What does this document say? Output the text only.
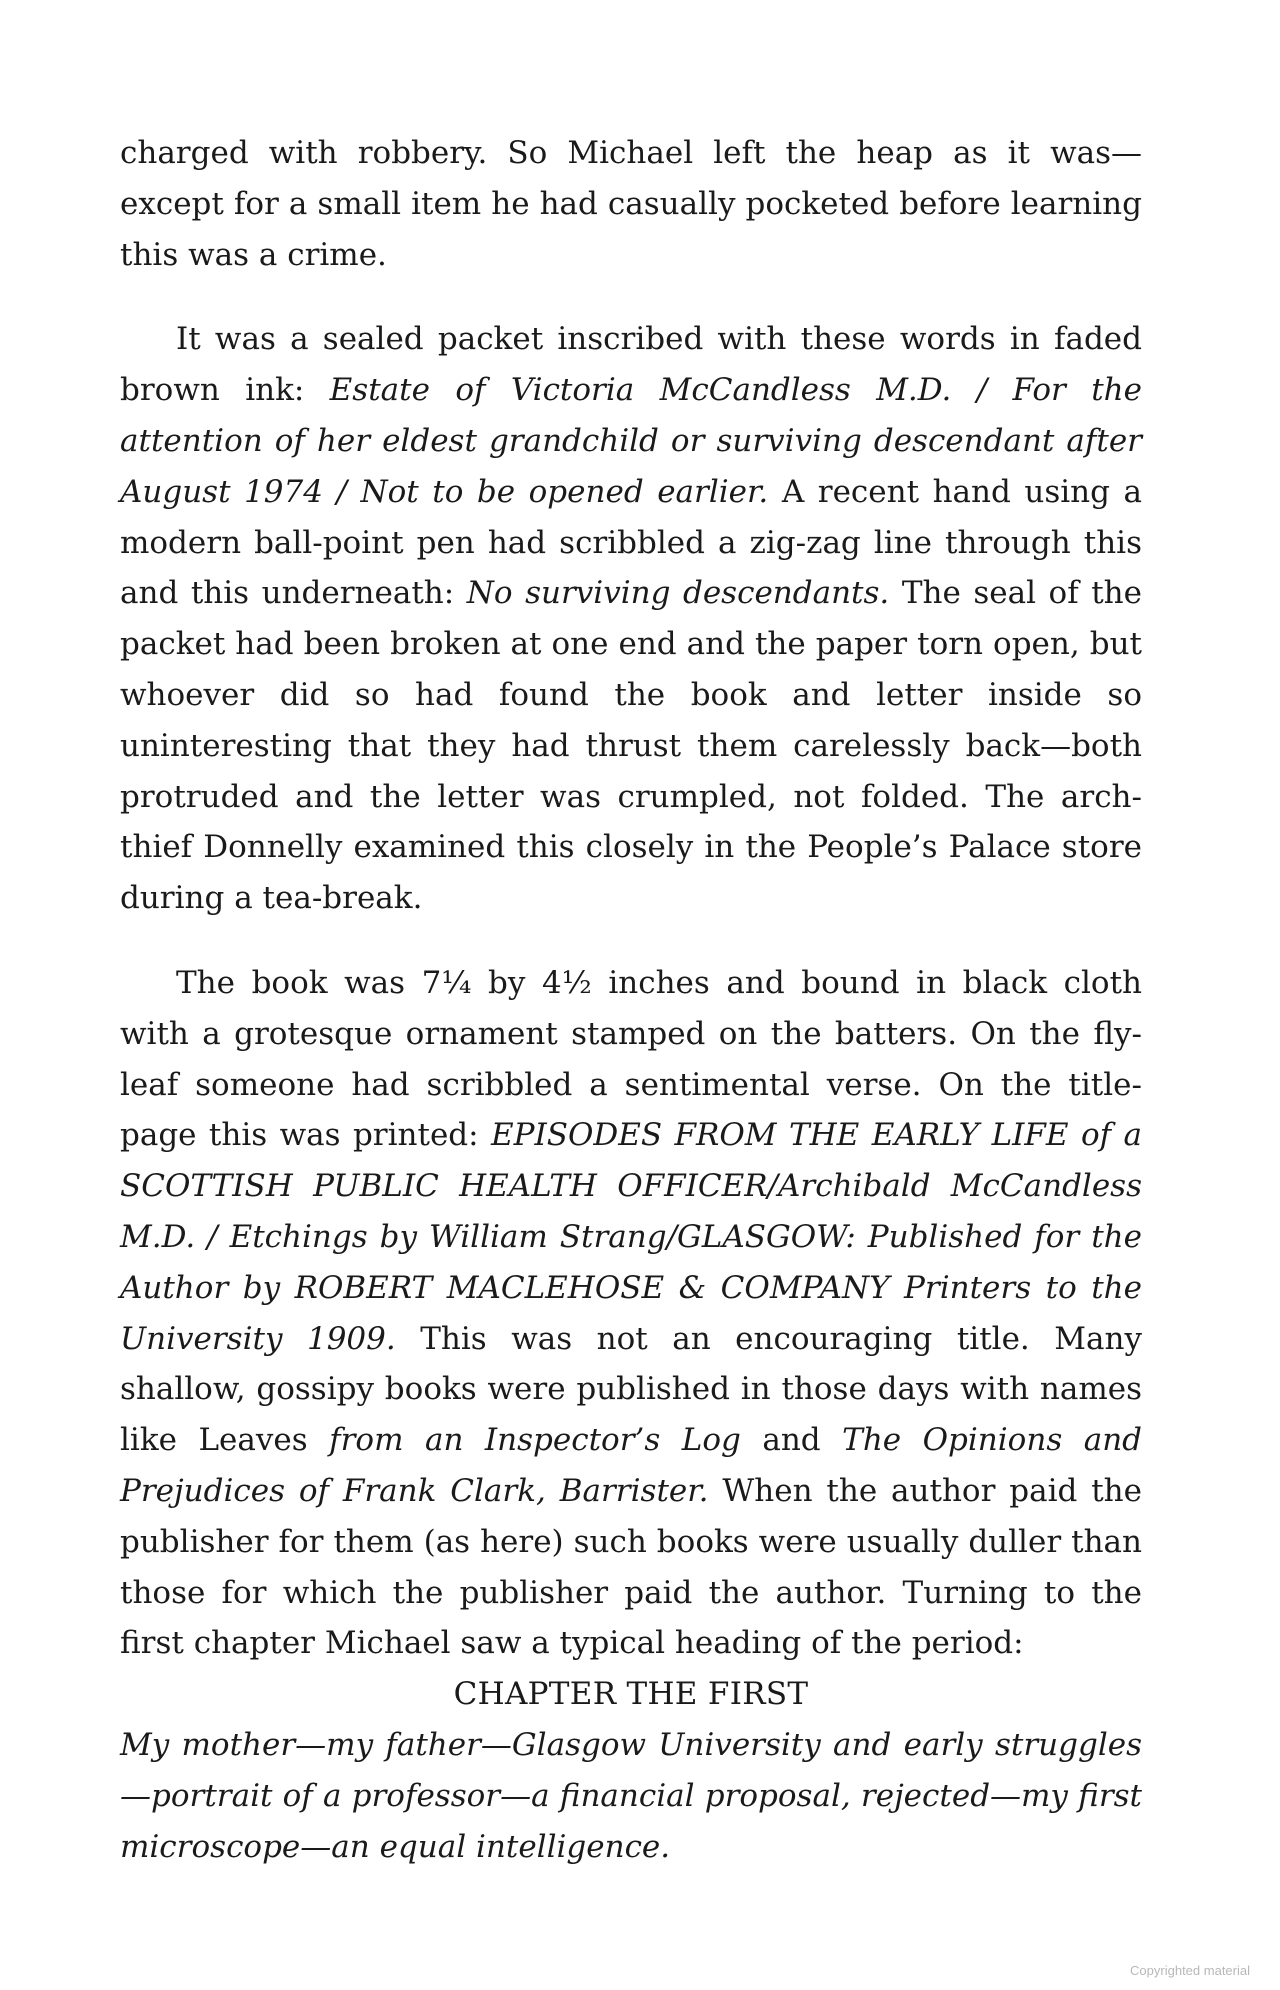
charged with robbery. So Michael left the heap as it was—except for a small item he had casually pocketed before learning this was a crime.

It was a sealed packet inscribed with these words in faded brown ink: Estate of Victoria McCandless M.D. / For the attention of her eldest grandchild or surviving descendant after August 1974 / Not to be opened earlier. A recent hand using a modern ball-point pen had scribbled a zig-zag line through this and this underneath: No surviving descendants. The seal of the packet had been broken at one end and the paper torn open, but whoever did so had found the book and letter inside so uninteresting that they had thrust them carelessly back—both protruded and the letter was crumpled, not folded. The arch-thief Donnelly examined this closely in the People’s Palace store during a tea-break.

The book was 7¼ by 4½ inches and bound in black cloth with a grotesque ornament stamped on the batters. On the fly-leaf someone had scribbled a sentimental verse. On the title-page this was printed: EPISODES FROM THE EARLY LIFE of a SCOTTISH PUBLIC HEALTH OFFICER/Archibald McCandless M.D. / Etchings by William Strang/GLASGOW: Published for the Author by ROBERT MACLEHOSE & COMPANY Printers to the University 1909. This was not an encouraging title. Many shallow, gossipy books were published in those days with names like Leaves from an Inspector’s Log and The Opinions and Prejudices of Frank Clark, Barrister. When the author paid the publisher for them (as here) such books were usually duller than those for which the publisher paid the author. Turning to the first chapter Michael saw a typical heading of the period:

CHAPTER THE FIRST

My mother—my father—Glasgow University and early struggles—portrait of a professor—a financial proposal, rejected—my first microscope—an equal intelligence.

Copyrighted material
